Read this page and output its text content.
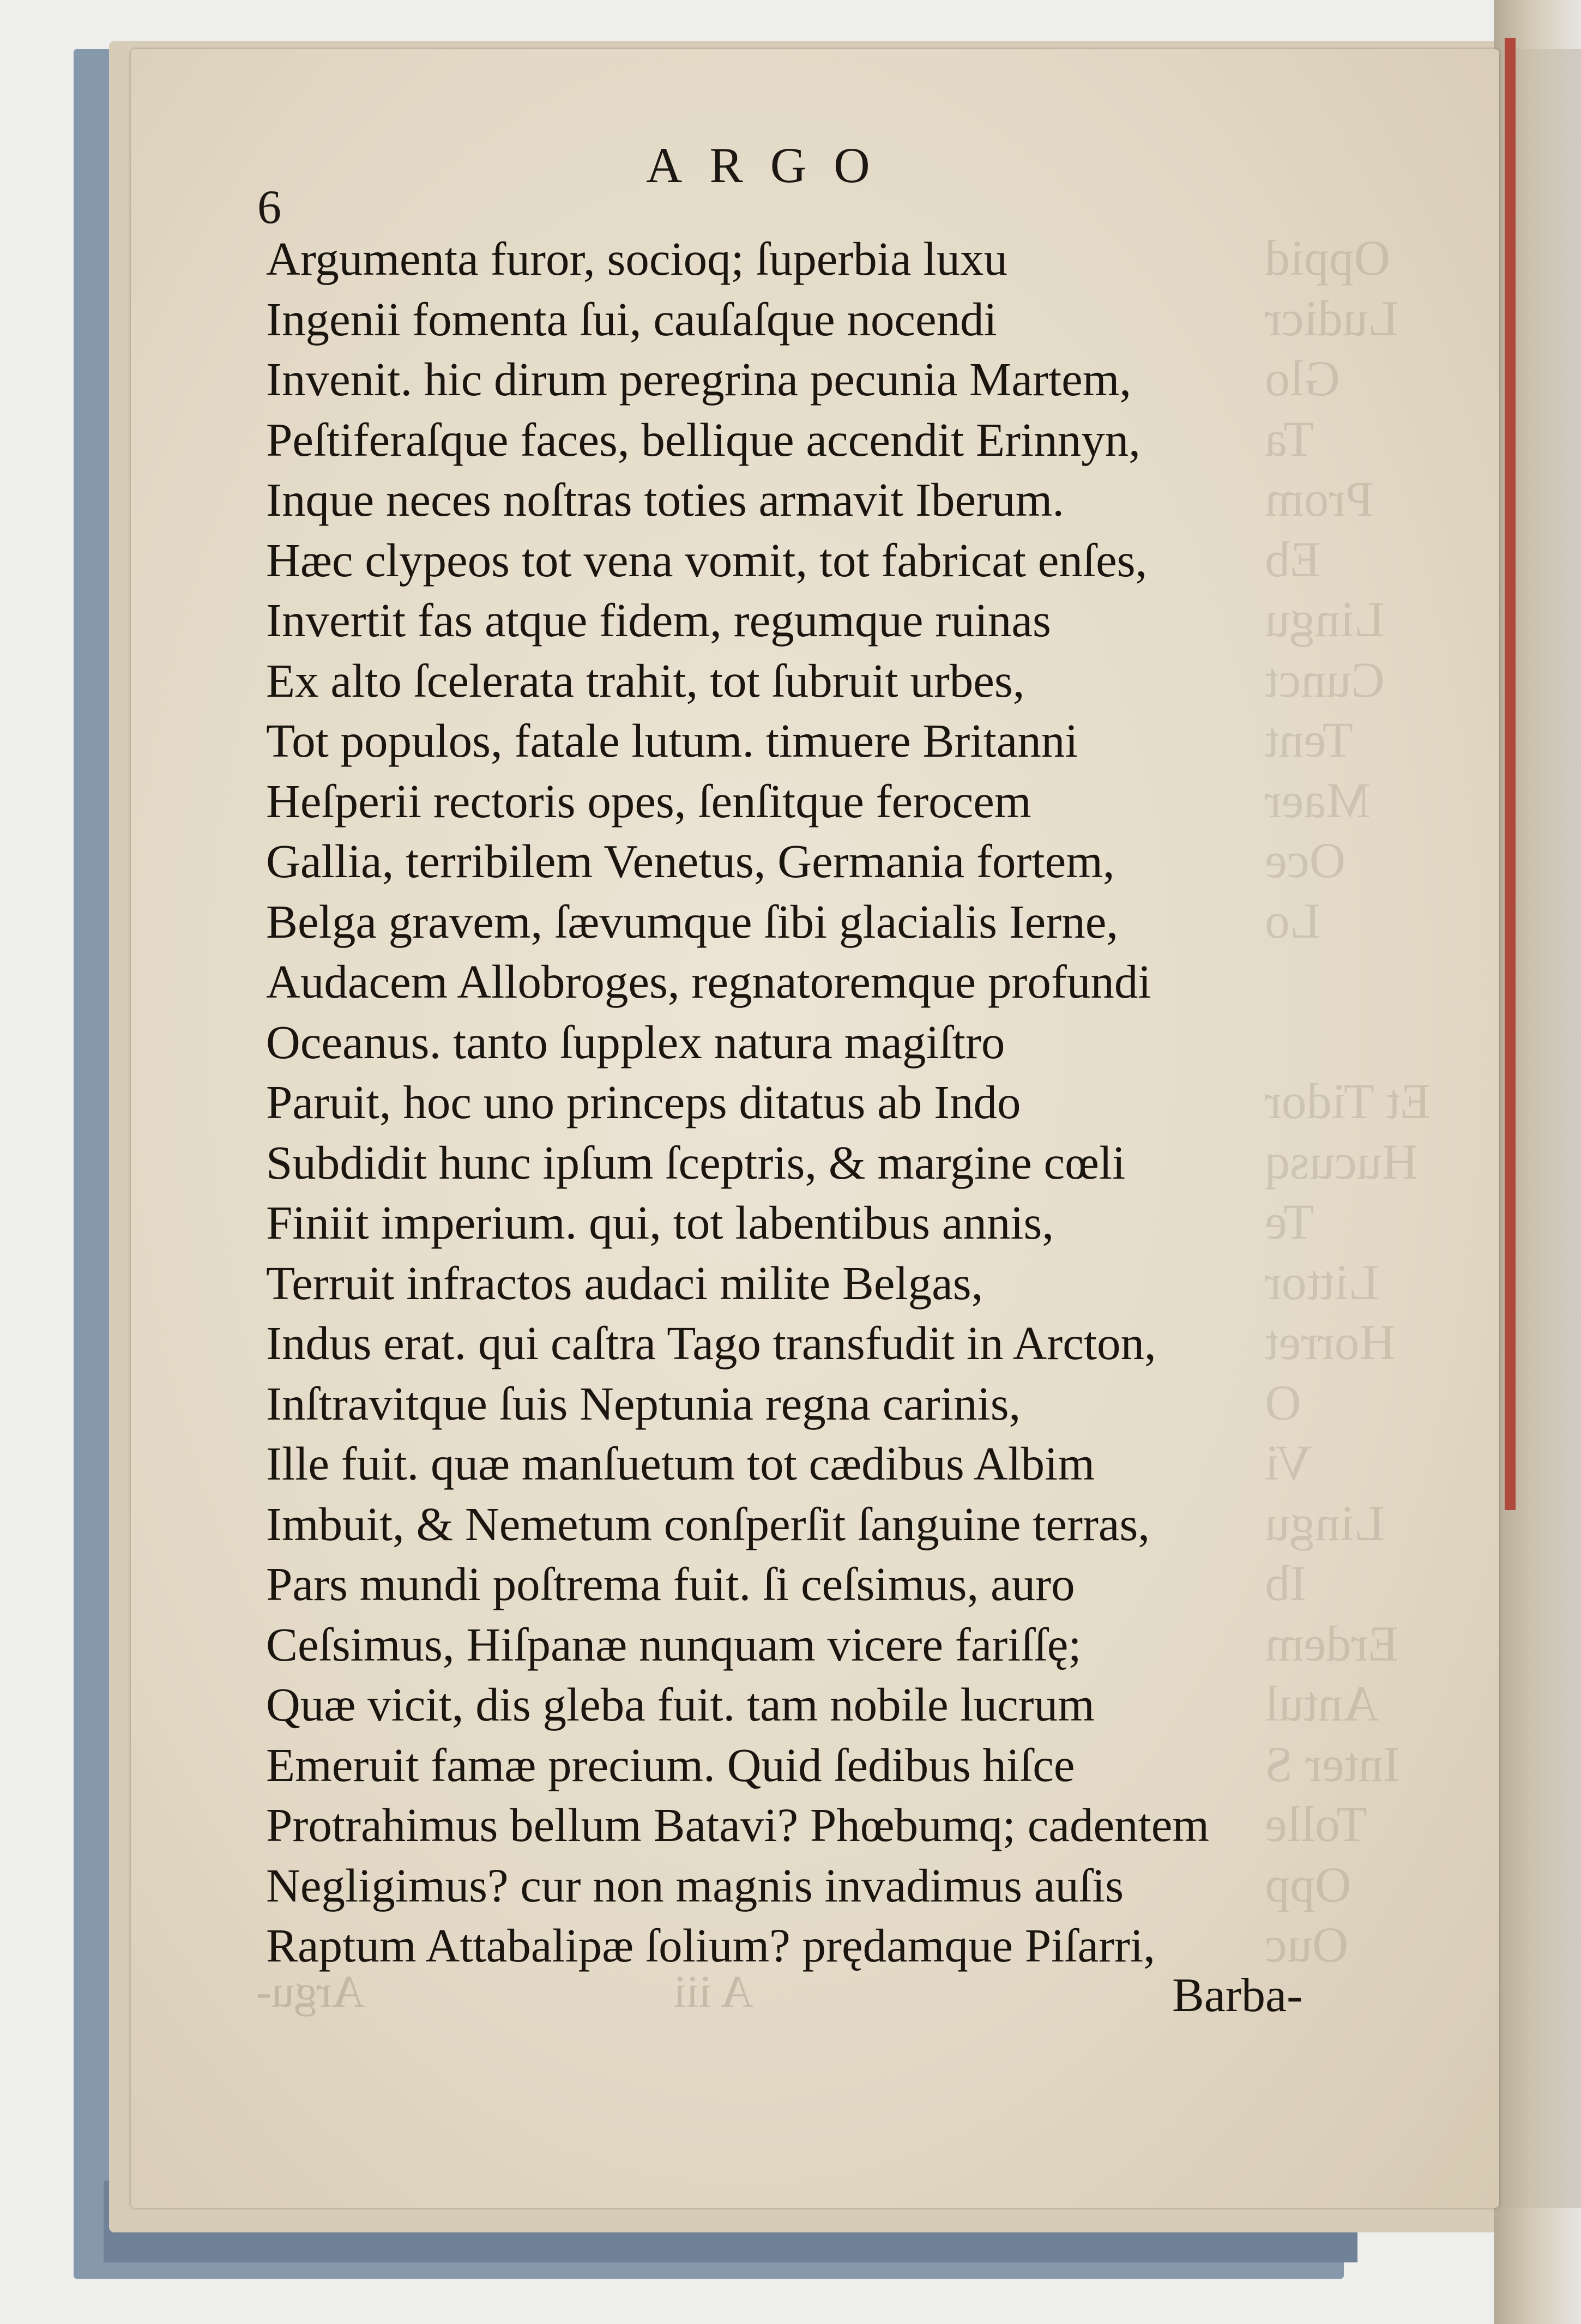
Oppid
Ludicr
Glo
Ta
Prom
Eb
Lingu
Cunct
Tent
Maer
Oce
Lo
Et Tidor
Hucusq
Te
Littor
Horret
O
Vi
Lingu
Ib
Erdem
Antul
Inter S
Tolle
Opp
Ouc
6
ARGO
Argumenta furor, socioq; ſuperbia luxu
Ingenii fomenta ſui, cauſaſque nocendi
Invenit. hic dirum peregrina pecunia Martem,
Peſtiferaſque faces, bellique accendit Erinnyn,
Inque neces noſtras toties armavit Iberum.
Hæc clypeos tot vena vomit, tot fabricat enſes,
Invertit fas atque fidem, regumque ruinas
Ex alto ſcelerata trahit, tot ſubruit urbes,
Tot populos, fatale lutum. timuere Britanni
Heſperii rectoris opes, ſenſitque ferocem
Gallia, terribilem Venetus, Germania fortem,
Belga gravem, ſævumque ſibi glacialis Ierne,
Audacem Allobroges, regnatoremque profundi
Oceanus. tanto ſupplex natura magiſtro
Paruit, hoc uno princeps ditatus ab Indo
Subdidit hunc ipſum ſceptris, & margine cœli
Finiit imperium. qui, tot labentibus annis,
Terruit infractos audaci milite Belgas,
Indus erat. qui caſtra Tago transfudit in Arcton,
Inſtravitque ſuis Neptunia regna carinis,
Ille fuit. quæ manſuetum tot cædibus Albim
Imbuit, & Nemetum conſperſit ſanguine terras,
Pars mundi poſtrema fuit. ſi ceſsimus, auro
Ceſsimus, Hiſpanæ nunquam vicere fariſſę;
Quæ vicit, dis gleba fuit. tam nobile lucrum
Emeruit famæ precium. Quid ſedibus hiſce
Protrahimus bellum Batavi? Phœbumq; cadentem
Negligimus? cur non magnis invadimus auſis
Raptum Attabalipæ ſolium? prędamque Piſarri,
Barba-
Argu-	A iii
